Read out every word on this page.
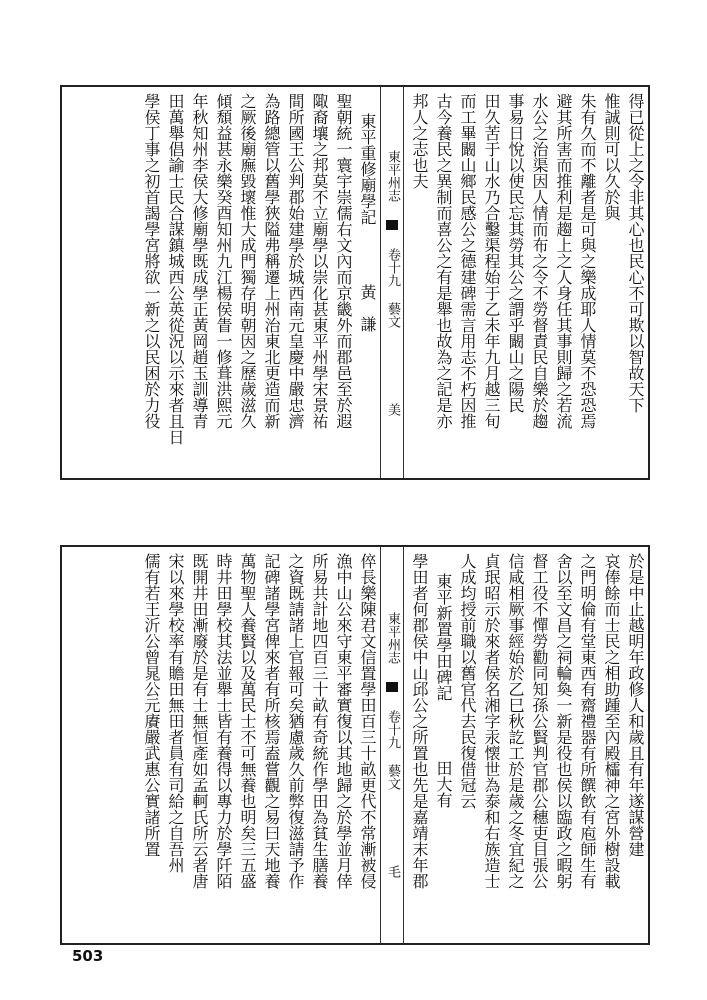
得已從上之令非其心也民心不可欺以智故天下
惟誠則可以久於與
朱有久而不離者是可與之樂成耶人情莫不恐恐焉
避其所害而推利是趨上之人身任其事則歸之若流
水公之治渠因人情而布之令不勞督責民自樂於趨
事易日悅以使民忘其勞其公之謂乎闞山之陽民
田久苦于山水乃合鑿渠程始于乙未年九月越三旬
而工畢闞山鄉民感公之德建碑需言用志不朽因推
古今養民之異制而喜公之有是舉也故為之記是亦
邦人之志也夫
東平州志  卷十九 藝文 美
東平重修廟學記 黃　謙
聖朝統一寰宇崇儒右文內而京畿外而郡邑至於遐
陬裔壤之邦莫不立廟學以崇化甚東平州學宋景祐
間所國王公判郡始建學於城西南元皇慶中嚴忠濟
為路總管以舊學狹隘弗稱遷上州治東北更造而新
之厥後廟廡毀壞惟大成門獨存明朝因之歷歲滋久
傾頹益甚永樂癸酉知州九江楊侯眚一修葺洪熙元
年秋知州李侯大修廟學既成學正黃岡趙玉訓導青
田萬舉倡諭士民合謀鎮城西公英從況以示來者且日
學侯丁事之初首謁學宮將欲一新之以民困於力役
於是中止越明年政修人和歲且有年遂謀營建
哀俸餘而士民之相助踵至內殿櫺神之宮外樹設載
之門明倫有堂東西有齋禮器有所饌飲有庖師生有
舍以至文昌之祠輪奐一新是役也侯以臨政之暇躬
督工役不憚勞勸同知孫公賢判官郡公穗吏目張公
信咸相厥事經始於乙巳秋訖工於是歲之冬宜紀之
貞珉昭示於來者侯名湘字汞懐世為泰和右族造士
人成均授前職以舊官代去民復借冠云
東平新置學田碑記 田大有
學田者何郡侯中山邱公之所置也先是嘉靖末年郡
東平州志  卷十九 藝文 毛
倅長樂陳君文信置學田百三十畝更代不常漸被侵
漁中山公來守東平審實復以其地歸之於學並月倖
所易共計地四百三十畝有奇統作學田為貧生膳養
之資既請諸上官報可矣猶慮歲久前弊復滋請予作
記碑諸學宮俾來者有所核焉盍嘗觀之易曰天地養
萬物聖人養賢以及萬民士不可無養也明矣三五盛
時井田學校其法並舉士皆有養得以專力於學阡陌
既開井田漸廢於是有士無恒產如孟軻氏所云者唐
宋以來學校率有贍田無田者員有司給之自吾州
儒有若王沂公曾晁公元賡嚴武惠公實諸所置
503
